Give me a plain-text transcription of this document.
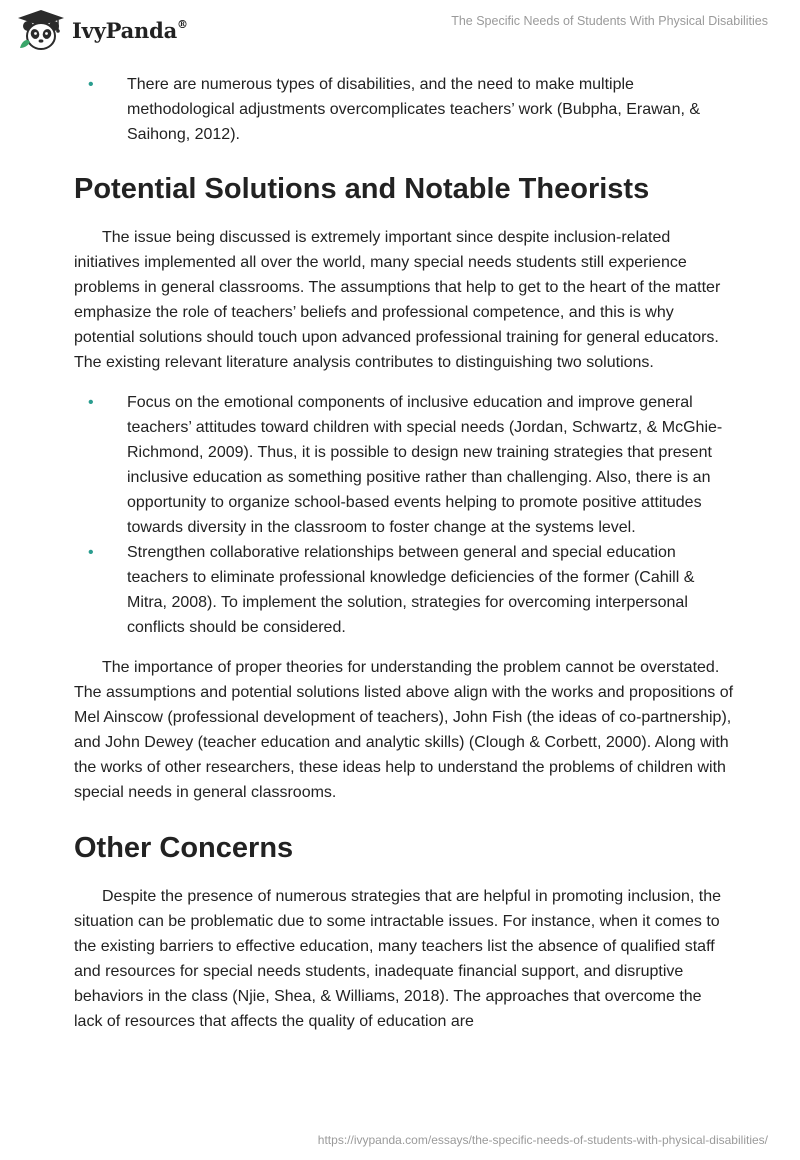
IvyPanda®	The Specific Needs of Students With Physical Disabilities
• There are numerous types of disabilities, and the need to make multiple methodological adjustments overcomplicates teachers’ work (Bubpha, Erawan, & Saihong, 2012).
Potential Solutions and Notable Theorists

The issue being discussed is extremely important since despite inclusion-related initiatives implemented all over the world, many special needs students still experience problems in general classrooms. The assumptions that help to get to the heart of the matter emphasize the role of teachers’ beliefs and professional competence, and this is why potential solutions should touch upon advanced professional training for general educators. The existing relevant literature analysis contributes to distinguishing two solutions.

• Focus on the emotional components of inclusive education and improve general teachers’ attitudes toward children with special needs (Jordan, Schwartz, & McGhie-Richmond, 2009). Thus, it is possible to design new training strategies that present inclusive education as something positive rather than challenging. Also, there is an opportunity to organize school-based events helping to promote positive attitudes towards diversity in the classroom to foster change at the systems level.
• Strengthen collaborative relationships between general and special education teachers to eliminate professional knowledge deficiencies of the former (Cahill & Mitra, 2008). To implement the solution, strategies for overcoming interpersonal conflicts should be considered.

The importance of proper theories for understanding the problem cannot be overstated. The assumptions and potential solutions listed above align with the works and propositions of Mel Ainscow (professional development of teachers), John Fish (the ideas of co-partnership), and John Dewey (teacher education and analytic skills) (Clough & Corbett, 2000). Along with the works of other researchers, these ideas help to understand the problems of children with special needs in general classrooms.

Other Concerns

Despite the presence of numerous strategies that are helpful in promoting inclusion, the situation can be problematic due to some intractable issues. For instance, when it comes to the existing barriers to effective education, many teachers list the absence of qualified staff and resources for special needs students, inadequate financial support, and disruptive behaviors in the class (Njie, Shea, & Williams, 2018). The approaches that overcome the lack of resources that affects the quality of education are

https://ivypanda.com/essays/the-specific-needs-of-students-with-physical-disabilities/
